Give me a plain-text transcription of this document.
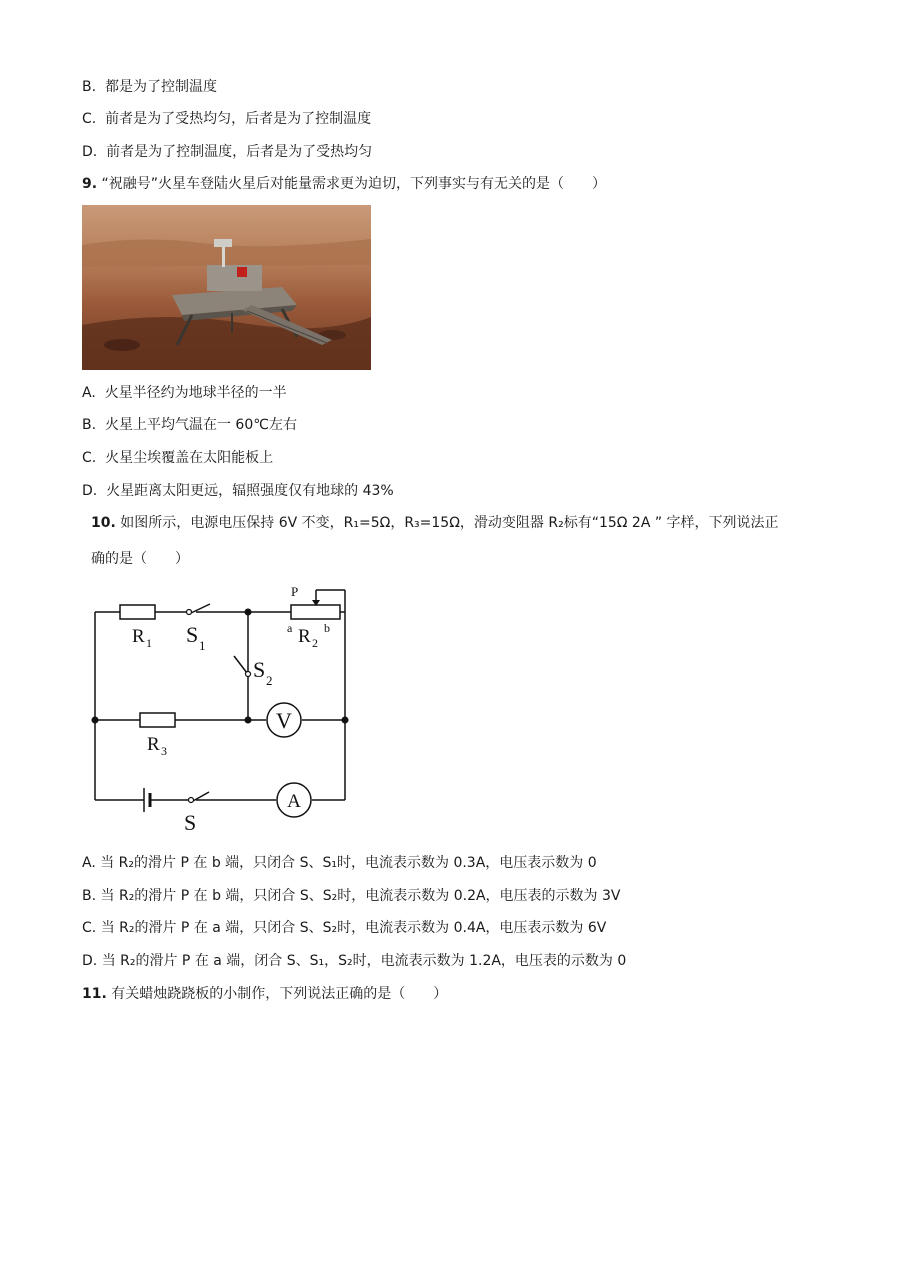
B. 都是为了控制温度
C. 前者是为了受热均匀，后者是为了控制温度
D. 前者是为了控制温度，后者是为了受热均匀
9. “祝融号”火星车登陆火星后对能量需求更为迫切，下列事实与有无关的是（　　）
A. 火星半径约为地球半径的一半
B. 火星上平均气温在一 60℃左右
C. 火星尘埃覆盖在太阳能板上
D. 火星距离太阳更远，辐照强度仅有地球的 43%
10. 如图所示，电源电压保持 6V 不变，R₁=5Ω，R₃=15Ω，滑动变阻器 R₂标有“15Ω 2A ” 字样，下列说法正
确的是（　　）
V
A
R 1 S 1
P
a R 2
b
S 2
R 3
S
A. 当 R₂的滑片 P 在 b 端，只闭合 S、S₁时，电流表示数为 0.3A，电压表示数为 0
B. 当 R₂的滑片 P 在 b 端，只闭合 S、S₂时，电流表示数为 0.2A，电压表的示数为 3V
C. 当 R₂的滑片 P 在 a 端，只闭合 S、S₂时，电流表示数为 0.4A，电压表示数为 6V
D. 当 R₂的滑片 P 在 a 端，闭合 S、S₁，S₂时，电流表示数为 1.2A，电压表的示数为 0
11. 有关蜡烛跷跷板的小制作，下列说法正确的是（　　）
